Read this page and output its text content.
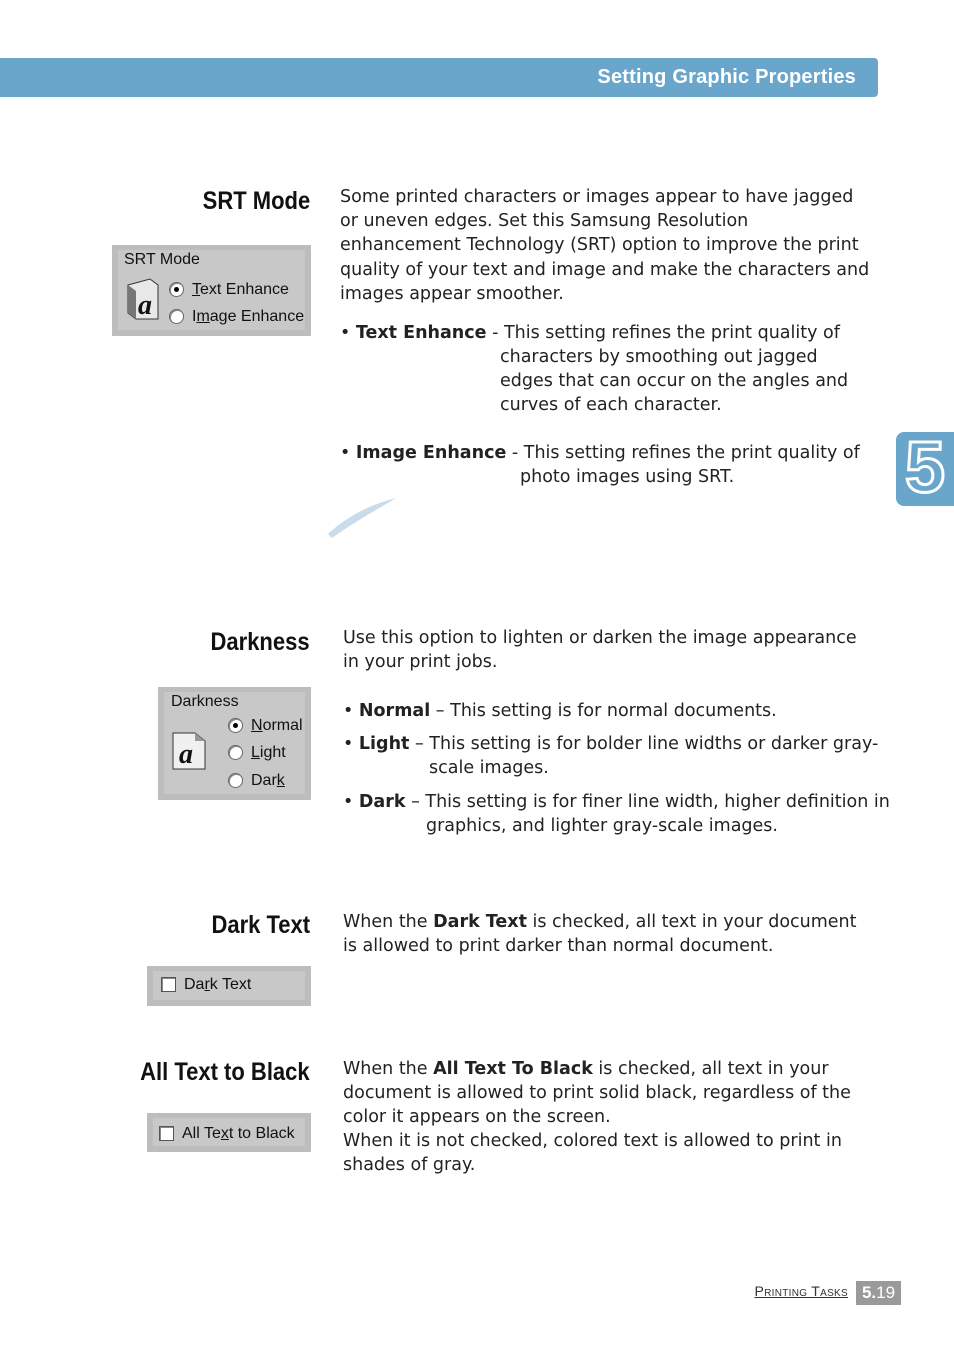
Setting Graphic Properties
5
SRT Mode Some printed characters or images appear to have jagged or uneven edges. Set this Samsung Resolution enhancement Technology (SRT) option to improve the print quality of your text and image and make the characters and images appear smoother.
• Text Enhance - This setting refines the print quality of
characters by smoothing out jagged edges that can occur on the angles and curves of each character.
• Image Enhance - This setting refines the print quality of
photo images using SRT.
SRT Mode
a
Text Enhance
Image Enhance
Darkness Use this option to lighten or darken the image appearance in your print jobs.
• Normal – This setting is for normal documents.
• Light – This setting is for bolder line widths or darker gray-
scale images.
• Dark – This setting is for finer line width, higher definition in
graphics, and lighter gray-scale images.
Darkness
a
Normal
Light
Dark
Dark Text When the Dark Text is checked, all text in your document is allowed to print darker than normal document.
Dark Text
All Text to Black When the All Text To Black is checked, all text in your document is allowed to print solid black, regardless of the color it appears on the screen.
When it is not checked, colored text is allowed to print in shades of gray.
All Text to Black
Printing Tasks 5.19
